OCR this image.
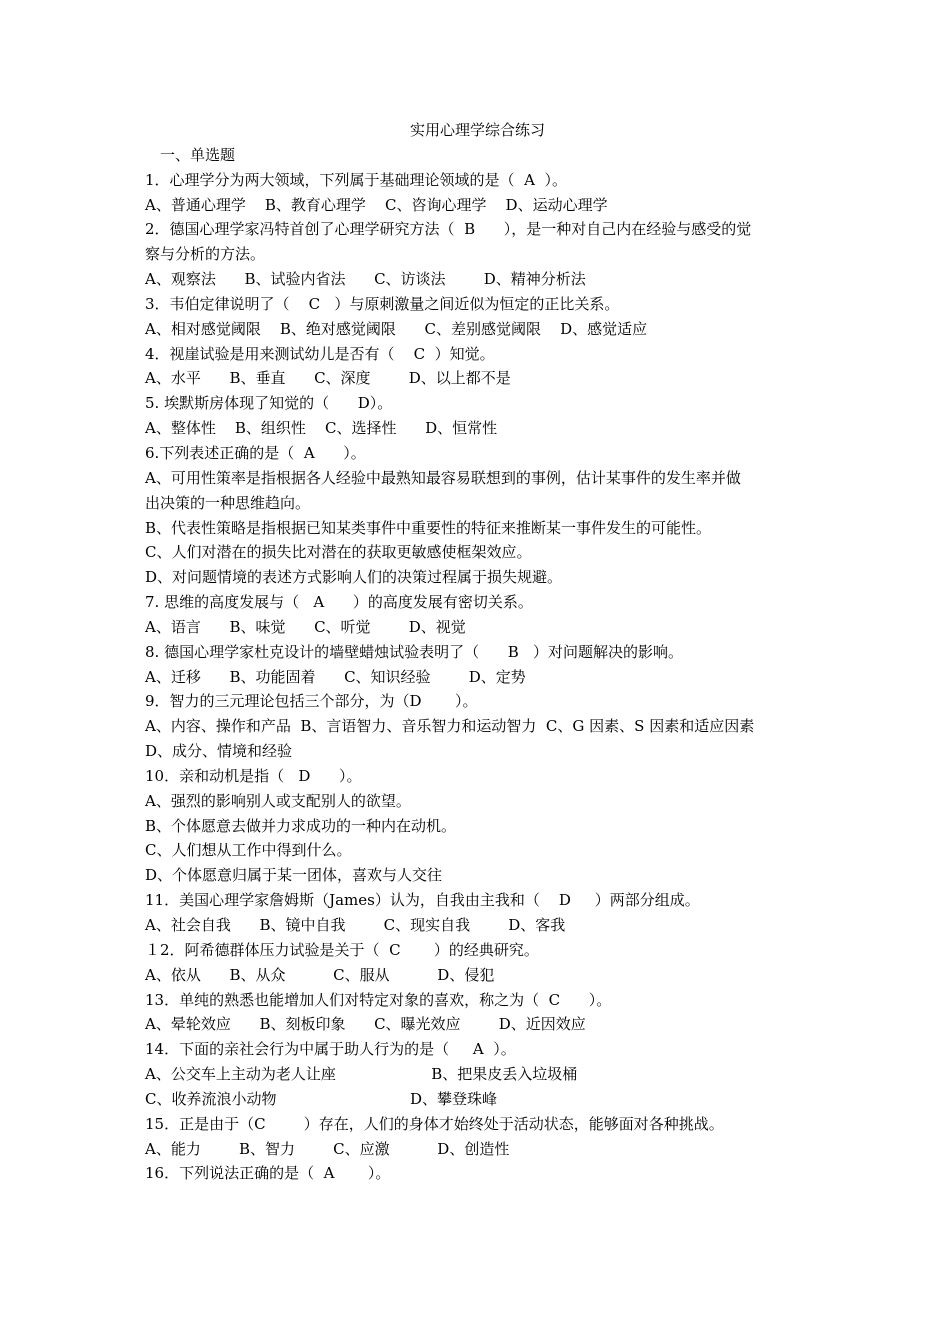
实用心理学综合练习
一、单选题
1．心理学分为两大领域，下列属于基础理论领域的是（  A  ）。
A、普通心理学    B、教育心理学    C、咨询心理学    D、运动心理学
2．德国心理学家冯特首创了心理学研究方法（  B      ），是一种对自己内在经验与感受的觉
察与分析的方法。
A、观察法      B、试验内省法      C、访谈法        D、精神分析法
3．韦伯定律说明了（    C   ）与原刺激量之间近似为恒定的正比关系。
A、相对感觉阈限    B、绝对感觉阈限      C、差别感觉阈限    D、感觉适应
4．视崖试验是用来测试幼儿是否有（    C  ）知觉。
A、水平      B、垂直      C、深度        D、以上都不是
5. 埃默斯房体现了知觉的（      D）。
A、整体性    B、组织性    C、选择性      D、恒常性
6.下列表述正确的是（  A      ）。
A、可用性策率是指根据各人经验中最熟知最容易联想到的事例，估计某事件的发生率并做
出决策的一种思维趋向。
B、代表性策略是指根据已知某类事件中重要性的特征来推断某一事件发生的可能性。
C、人们对潜在的损失比对潜在的获取更敏感使框架效应。
D、对问题情境的表述方式影响人们的决策过程属于损失规避。
7. 思维的高度发展与（   A      ）的高度发展有密切关系。
A、语言      B、味觉      C、听觉        D、视觉
8. 德国心理学家杜克设计的墙壁蜡烛试验表明了（      B   ）对问题解决的影响。
A、迁移      B、功能固着      C、知识经验        D、定势
9．智力的三元理论包括三个部分，为（D       ）。
A、内容、操作和产品  B、言语智力、音乐智力和运动智力  C、G 因素、S 因素和适应因素
D、成分、情境和经验
10．亲和动机是指（   D      ）。
A、强烈的影响别人或支配别人的欲望。
B、个体愿意去做并力求成功的一种内在动机。
C、人们想从工作中得到什么。
D、个体愿意归属于某一团体，喜欢与人交往
11．美国心理学家詹姆斯（James）认为，自我由主我和（    D     ）两部分组成。
A、社会自我      B、镜中自我        C、现实自我        D、客我
１2．阿希德群体压力试验是关于（  C       ）的经典研究。
A、依从      B、从众          C、服从          D、侵犯
13．单纯的熟悉也能增加人们对特定对象的喜欢，称之为（  C      ）。
A、晕轮效应      B、刻板印象      C、曝光效应        D、近因效应
14．下面的亲社会行为中属于助人行为的是（     A  ）。
A、公交车上主动为老人让座                    B、把果皮丢入垃圾桶
C、收养流浪小动物                            D、攀登珠峰
15．正是由于（C        ）存在，人们的身体才始终处于活动状态，能够面对各种挑战。
A、能力        B、智力        C、应激          D、创造性
16．下列说法正确的是（  A       ）。
